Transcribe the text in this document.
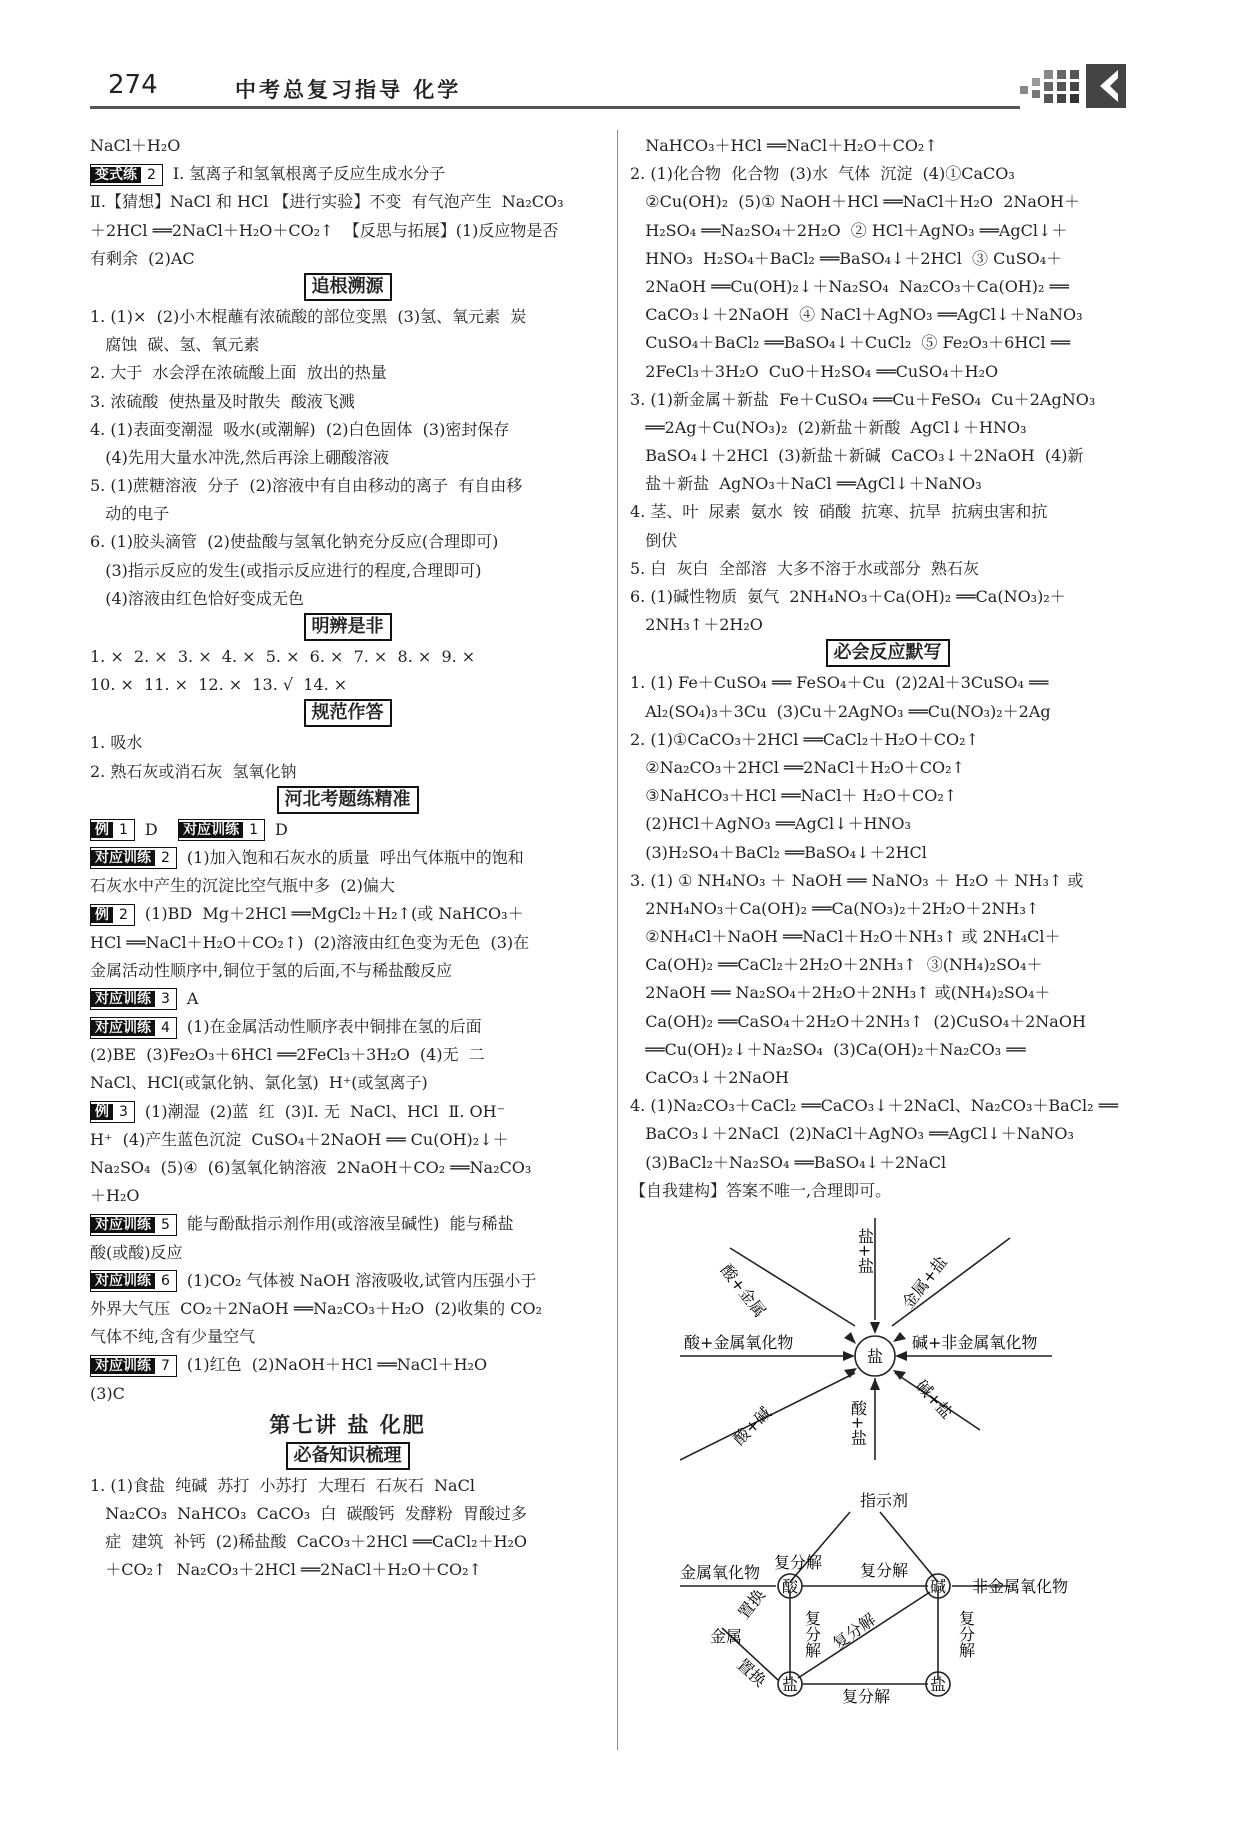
274	中考总复习指导 化学
NaCl＋H₂O
变式练 2 Ⅰ. 氢离子和氢氧根离子反应生成水分子
Ⅱ.【猜想】NaCl 和 HCl 【进行实验】不变  有气泡产生  Na₂CO₃
＋2HCl ══2NaCl＋H₂O＋CO₂↑  【反思与拓展】(1)反应物是否
有剩余  (2)AC
追根溯源
1. (1)×  (2)小木棍蘸有浓硫酸的部位变黑  (3)氢、氧元素  炭
腐蚀  碳、氢、氧元素
2. 大于  水会浮在浓硫酸上面  放出的热量
3. 浓硫酸  使热量及时散失  酸液飞溅
4. (1)表面变潮湿  吸水(或潮解)  (2)白色固体  (3)密封保存
(4)先用大量水冲洗,然后再涂上硼酸溶液
5. (1)蔗糖溶液  分子  (2)溶液中有自由移动的离子  有自由移
动的电子
6. (1)胶头滴管  (2)使盐酸与氢氧化钠充分反应(合理即可)
(3)指示反应的发生(或指示反应进行的程度,合理即可)
(4)溶液由红色恰好变成无色
明辨是非
1. ×  2. ×  3. ×  4. ×  5. ×  6. ×  7. ×  8. ×  9. ×
10. ×  11. ×  12. ×  13. √  14. ×
规范作答
1. 吸水
2. 熟石灰或消石灰  氢氧化钠
河北考题练精准
例 1 D 对应训练 1 D
对应训练 2 (1)加入饱和石灰水的质量  呼出气体瓶中的饱和
石灰水中产生的沉淀比空气瓶中多  (2)偏大
例 2 (1)BD  Mg＋2HCl ══MgCl₂＋H₂↑(或 NaHCO₃＋
HCl ══NaCl＋H₂O＋CO₂↑)  (2)溶液由红色变为无色  (3)在
金属活动性顺序中,铜位于氢的后面,不与稀盐酸反应
对应训练 3 A
对应训练 4 (1)在金属活动性顺序表中铜排在氢的后面
(2)BE  (3)Fe₂O₃＋6HCl ══2FeCl₃＋3H₂O  (4)无  二
NaCl、HCl(或氯化钠、氯化氢)  H⁺(或氢离子)
例 3 (1)潮湿  (2)蓝  红  (3)Ⅰ. 无  NaCl、HCl  Ⅱ. OH⁻
H⁺  (4)产生蓝色沉淀  CuSO₄＋2NaOH ══ Cu(OH)₂↓＋
Na₂SO₄  (5)④  (6)氢氧化钠溶液  2NaOH＋CO₂ ══Na₂CO₃
＋H₂O
对应训练 5 能与酚酞指示剂作用(或溶液呈碱性)  能与稀盐
酸(或酸)反应
对应训练 6 (1)CO₂ 气体被 NaOH 溶液吸收,试管内压强小于
外界大气压  CO₂＋2NaOH ══Na₂CO₃＋H₂O  (2)收集的 CO₂
气体不纯,含有少量空气
对应训练 7 (1)红色  (2)NaOH＋HCl ══NaCl＋H₂O
(3)C
第七讲 盐 化肥
必备知识梳理
1. (1)食盐  纯碱  苏打  小苏打  大理石  石灰石  NaCl
Na₂CO₃  NaHCO₃  CaCO₃  白  碳酸钙  发酵粉  胃酸过多
症  建筑  补钙  (2)稀盐酸  CaCO₃＋2HCl ══CaCl₂＋H₂O
＋CO₂↑  Na₂CO₃＋2HCl ══2NaCl＋H₂O＋CO₂↑
NaHCO₃＋HCl ══NaCl＋H₂O＋CO₂↑
2. (1)化合物  化合物  (3)水  气体  沉淀  (4)①CaCO₃
②Cu(OH)₂  (5)① NaOH＋HCl ══NaCl＋H₂O  2NaOH＋
H₂SO₄ ══Na₂SO₄＋2H₂O  ② HCl＋AgNO₃ ══AgCl↓＋
HNO₃  H₂SO₄＋BaCl₂ ══BaSO₄↓＋2HCl  ③ CuSO₄＋
2NaOH ══Cu(OH)₂↓＋Na₂SO₄  Na₂CO₃＋Ca(OH)₂ ══
CaCO₃↓＋2NaOH  ④ NaCl＋AgNO₃ ══AgCl↓＋NaNO₃
CuSO₄＋BaCl₂ ══BaSO₄↓＋CuCl₂  ⑤ Fe₂O₃＋6HCl ══
2FeCl₃＋3H₂O  CuO＋H₂SO₄ ══CuSO₄＋H₂O
3. (1)新金属＋新盐  Fe＋CuSO₄ ══Cu＋FeSO₄  Cu＋2AgNO₃
══2Ag＋Cu(NO₃)₂  (2)新盐＋新酸  AgCl↓＋HNO₃
BaSO₄↓＋2HCl  (3)新盐＋新碱  CaCO₃↓＋2NaOH  (4)新
盐＋新盐  AgNO₃＋NaCl ══AgCl↓＋NaNO₃
4. 茎、叶  尿素  氨水  铵  硝酸  抗寒、抗旱  抗病虫害和抗
倒伏
5. 白  灰白  全部溶  大多不溶于水或部分  熟石灰
6. (1)碱性物质  氨气  2NH₄NO₃＋Ca(OH)₂ ══Ca(NO₃)₂＋
2NH₃↑＋2H₂O
必会反应默写
1. (1) Fe＋CuSO₄ ══ FeSO₄＋Cu  (2)2Al＋3CuSO₄ ══
Al₂(SO₄)₃＋3Cu  (3)Cu＋2AgNO₃ ══Cu(NO₃)₂＋2Ag
2. (1)①CaCO₃＋2HCl ══CaCl₂＋H₂O＋CO₂↑
②Na₂CO₃＋2HCl ══2NaCl＋H₂O＋CO₂↑
③NaHCO₃＋HCl ══NaCl＋ H₂O＋CO₂↑
(2)HCl＋AgNO₃ ══AgCl↓＋HNO₃
(3)H₂SO₄＋BaCl₂ ══BaSO₄↓＋2HCl
3. (1) ① NH₄NO₃ ＋ NaOH ══ NaNO₃ ＋ H₂O ＋ NH₃↑ 或
2NH₄NO₃＋Ca(OH)₂ ══Ca(NO₃)₂＋2H₂O＋2NH₃↑
②NH₄Cl＋NaOH ══NaCl＋H₂O＋NH₃↑ 或 2NH₄Cl＋
Ca(OH)₂ ══CaCl₂＋2H₂O＋2NH₃↑  ③(NH₄)₂SO₄＋
2NaOH ══ Na₂SO₄＋2H₂O＋2NH₃↑ 或(NH₄)₂SO₄＋
Ca(OH)₂ ══CaSO₄＋2H₂O＋2NH₃↑  (2)CuSO₄＋2NaOH
══Cu(OH)₂↓＋Na₂SO₄  (3)Ca(OH)₂＋Na₂CO₃ ══
CaCO₃↓＋2NaOH
4. (1)Na₂CO₃＋CaCl₂ ══CaCO₃↓＋2NaCl、Na₂CO₃＋BaCl₂ ══
BaCO₃↓＋2NaCl  (2)NaCl＋AgNO₃ ══AgCl↓＋NaNO₃
(3)BaCl₂＋Na₂SO₄ ══BaSO₄↓＋2NaCl
【自我建构】答案不唯一,合理即可。
盐
盐+盐
酸+金属	金属+盐
酸+金属氧化物	碱+非金属氧化物
酸+碱	酸+盐
碱+盐
指示剂
酸	碱
盐	盐
金属氧化物
非金属氧化物
金属
复分解 复分解
复分解
复分解 复分解
复分解
置换
置换
